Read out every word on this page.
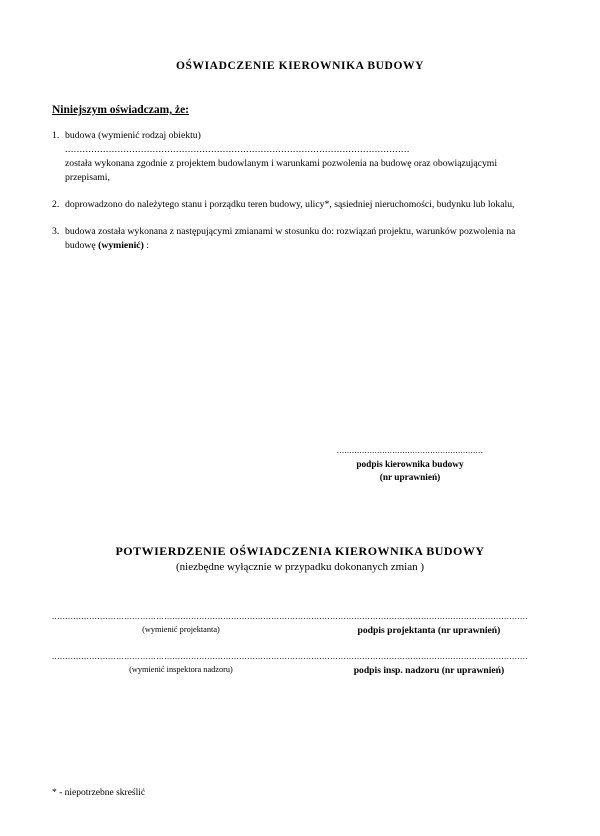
OŚWIADCZENIE KIEROWNIKA BUDOWY
Niniejszym oświadczam, że:
1. budowa (wymienić rodzaj obiektu) ......................................................................................................................
została wykonana zgodnie z projektem budowlanym i warunkami pozwolenia na budowę oraz obowiązującymi
przepisami,
2. doprowadzono do należytego stanu i porządku teren budowy, ulicy*, sąsiedniej nieruchomości, budynku lub lokalu,
3. budowa została wykonana z następującymi zmianami w stosunku do: rozwiązań projektu, warunków pozwolenia na
budowę (wymienić) :
..........................................................
podpis kierownika budowy
(nr uprawnień)
POTWIERDZENIE OŚWIADCZENIA KIEROWNIKA BUDOWY
(niezbędne wyłącznie w przypadku dokonanych zmian )
..................................................................................................................................................................................
(wymienić projektanta)	podpis projektanta (nr uprawnień)
..................................................................................................................................................................................
(wymienić inspektora nadzoru)	podpis insp. nadzoru (nr uprawnień)
* - niepotrzebne skreślić
